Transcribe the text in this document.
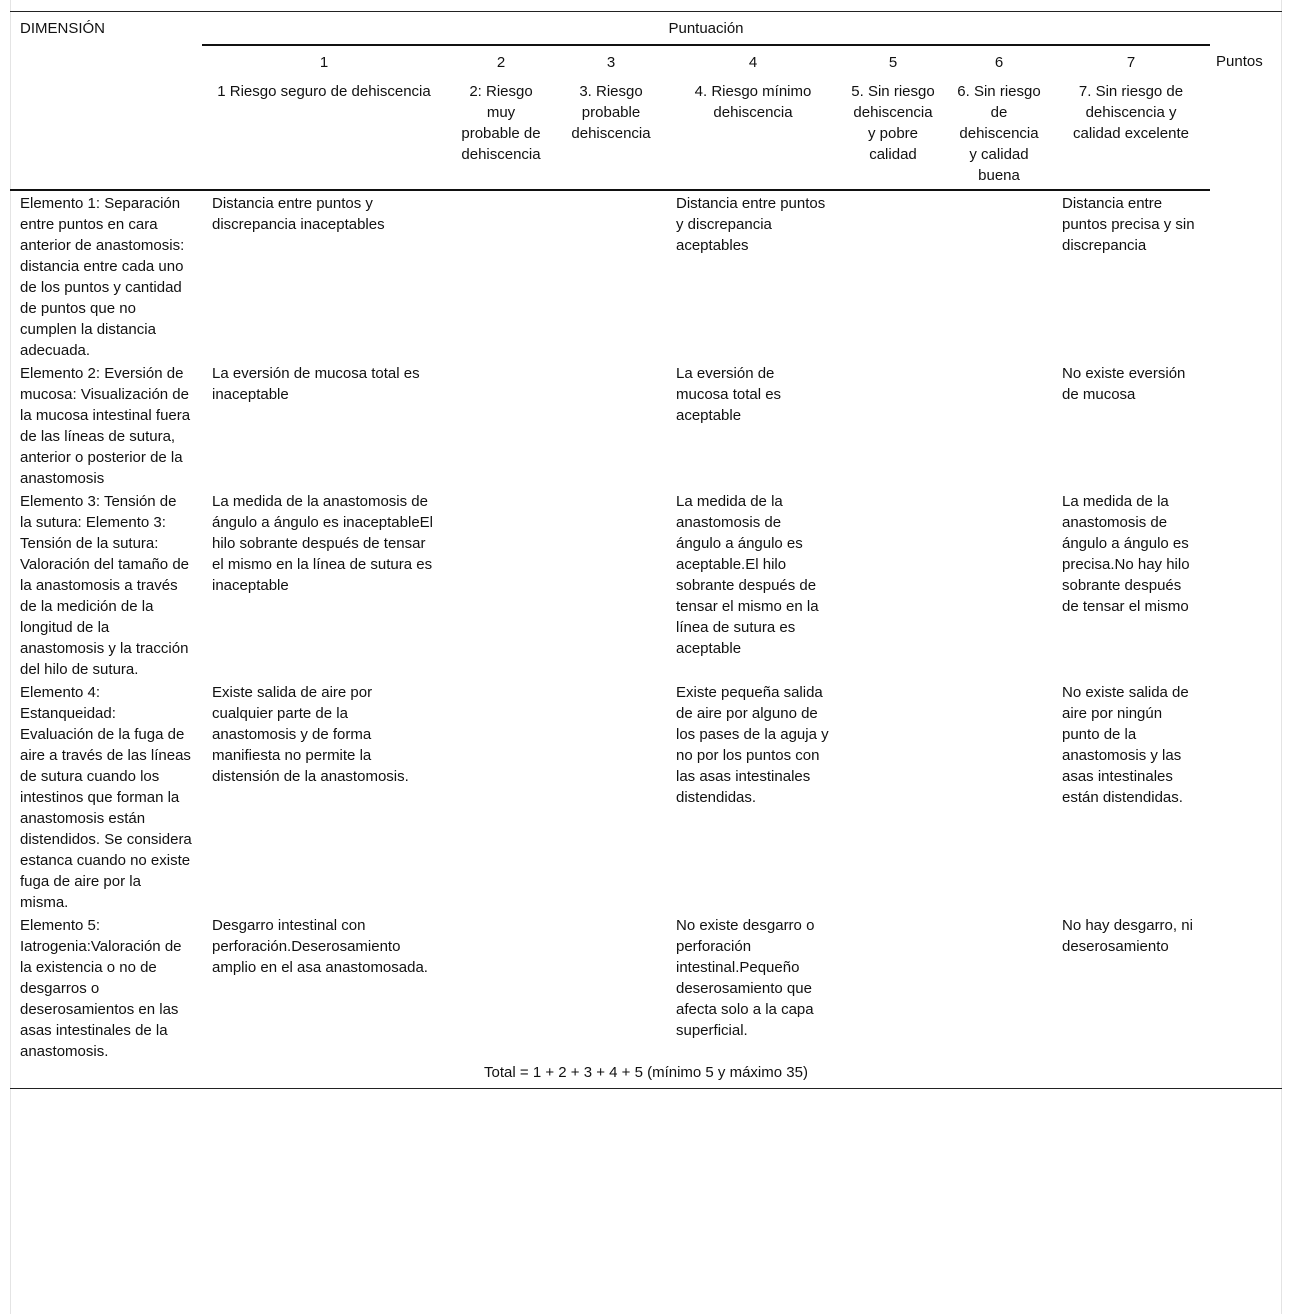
DIMENSIÓN	Puntuación							
	1	2	3	4	5	6	7	Puntos
	1 Riesgo seguro de dehiscencia	2: Riesgo muy probable de dehiscencia	3. Riesgo probable dehiscencia	4. Riesgo mínimo dehiscencia	5. Sin riesgo dehiscencia y pobre calidad	6. Sin riesgo de dehiscencia y calidad buena	7. Sin riesgo de dehiscencia y calidad excelente	
Elemento 1: Separación entre puntos en cara anterior de anastomosis: distancia entre cada uno de los puntos y cantidad de puntos que no cumplen la distancia adecuada.	Distancia entre puntos y discrepancia inaceptables			Distancia entre puntos y discrepancia aceptables			Distancia entre puntos precisa y sin discrepancia	
Elemento 2: Eversión de mucosa: Visualización de la mucosa intestinal fuera de las líneas de sutura, anterior o posterior de la anastomosis	La eversión de mucosa total es inaceptable			La eversión de mucosa total es aceptable			No existe eversión de mucosa	
Elemento 3: Tensión de la sutura: Elemento 3: Tensión de la sutura: Valoración del tamaño de la anastomosis a través de la medición de la longitud de la anastomosis y la tracción del hilo de sutura.	La medida de la anastomosis de ángulo a ángulo es inaceptableEl hilo sobrante después de tensar el mismo en la línea de sutura es inaceptable			La medida de la anastomosis de ángulo a ángulo es aceptable.El hilo sobrante después de tensar el mismo en la línea de sutura es aceptable			La medida de la anastomosis de ángulo a ángulo es precisa.No hay hilo sobrante después de tensar el mismo	
Elemento 4: Estanqueidad: Evaluación de la fuga de aire a través de las líneas de sutura cuando los intestinos que forman la anastomosis están distendidos. Se considera estanca cuando no existe fuga de aire por la misma.	Existe salida de aire por cualquier parte de la anastomosis y de forma manifiesta no permite la distensión de la anastomosis.			Existe pequeña salida de aire por alguno de los pases de la aguja y no por los puntos con las asas intestinales distendidas.			No existe salida de aire por ningún punto de la anastomosis y las asas intestinales están distendidas.	
Elemento 5: Iatrogenia:Valoración de la existencia o no de desgarros o deserosamientos en las asas intestinales de la anastomosis.	Desgarro intestinal con perforación.Deserosamiento amplio en el asa anastomosada.			No existe desgarro o perforación intestinal.Pequeño deserosamiento que afecta solo a la capa superficial.			No hay desgarro, ni deserosamiento	
Total = 1 + 2 + 3 + 4 + 5 (mínimo 5 y máximo 35)								
